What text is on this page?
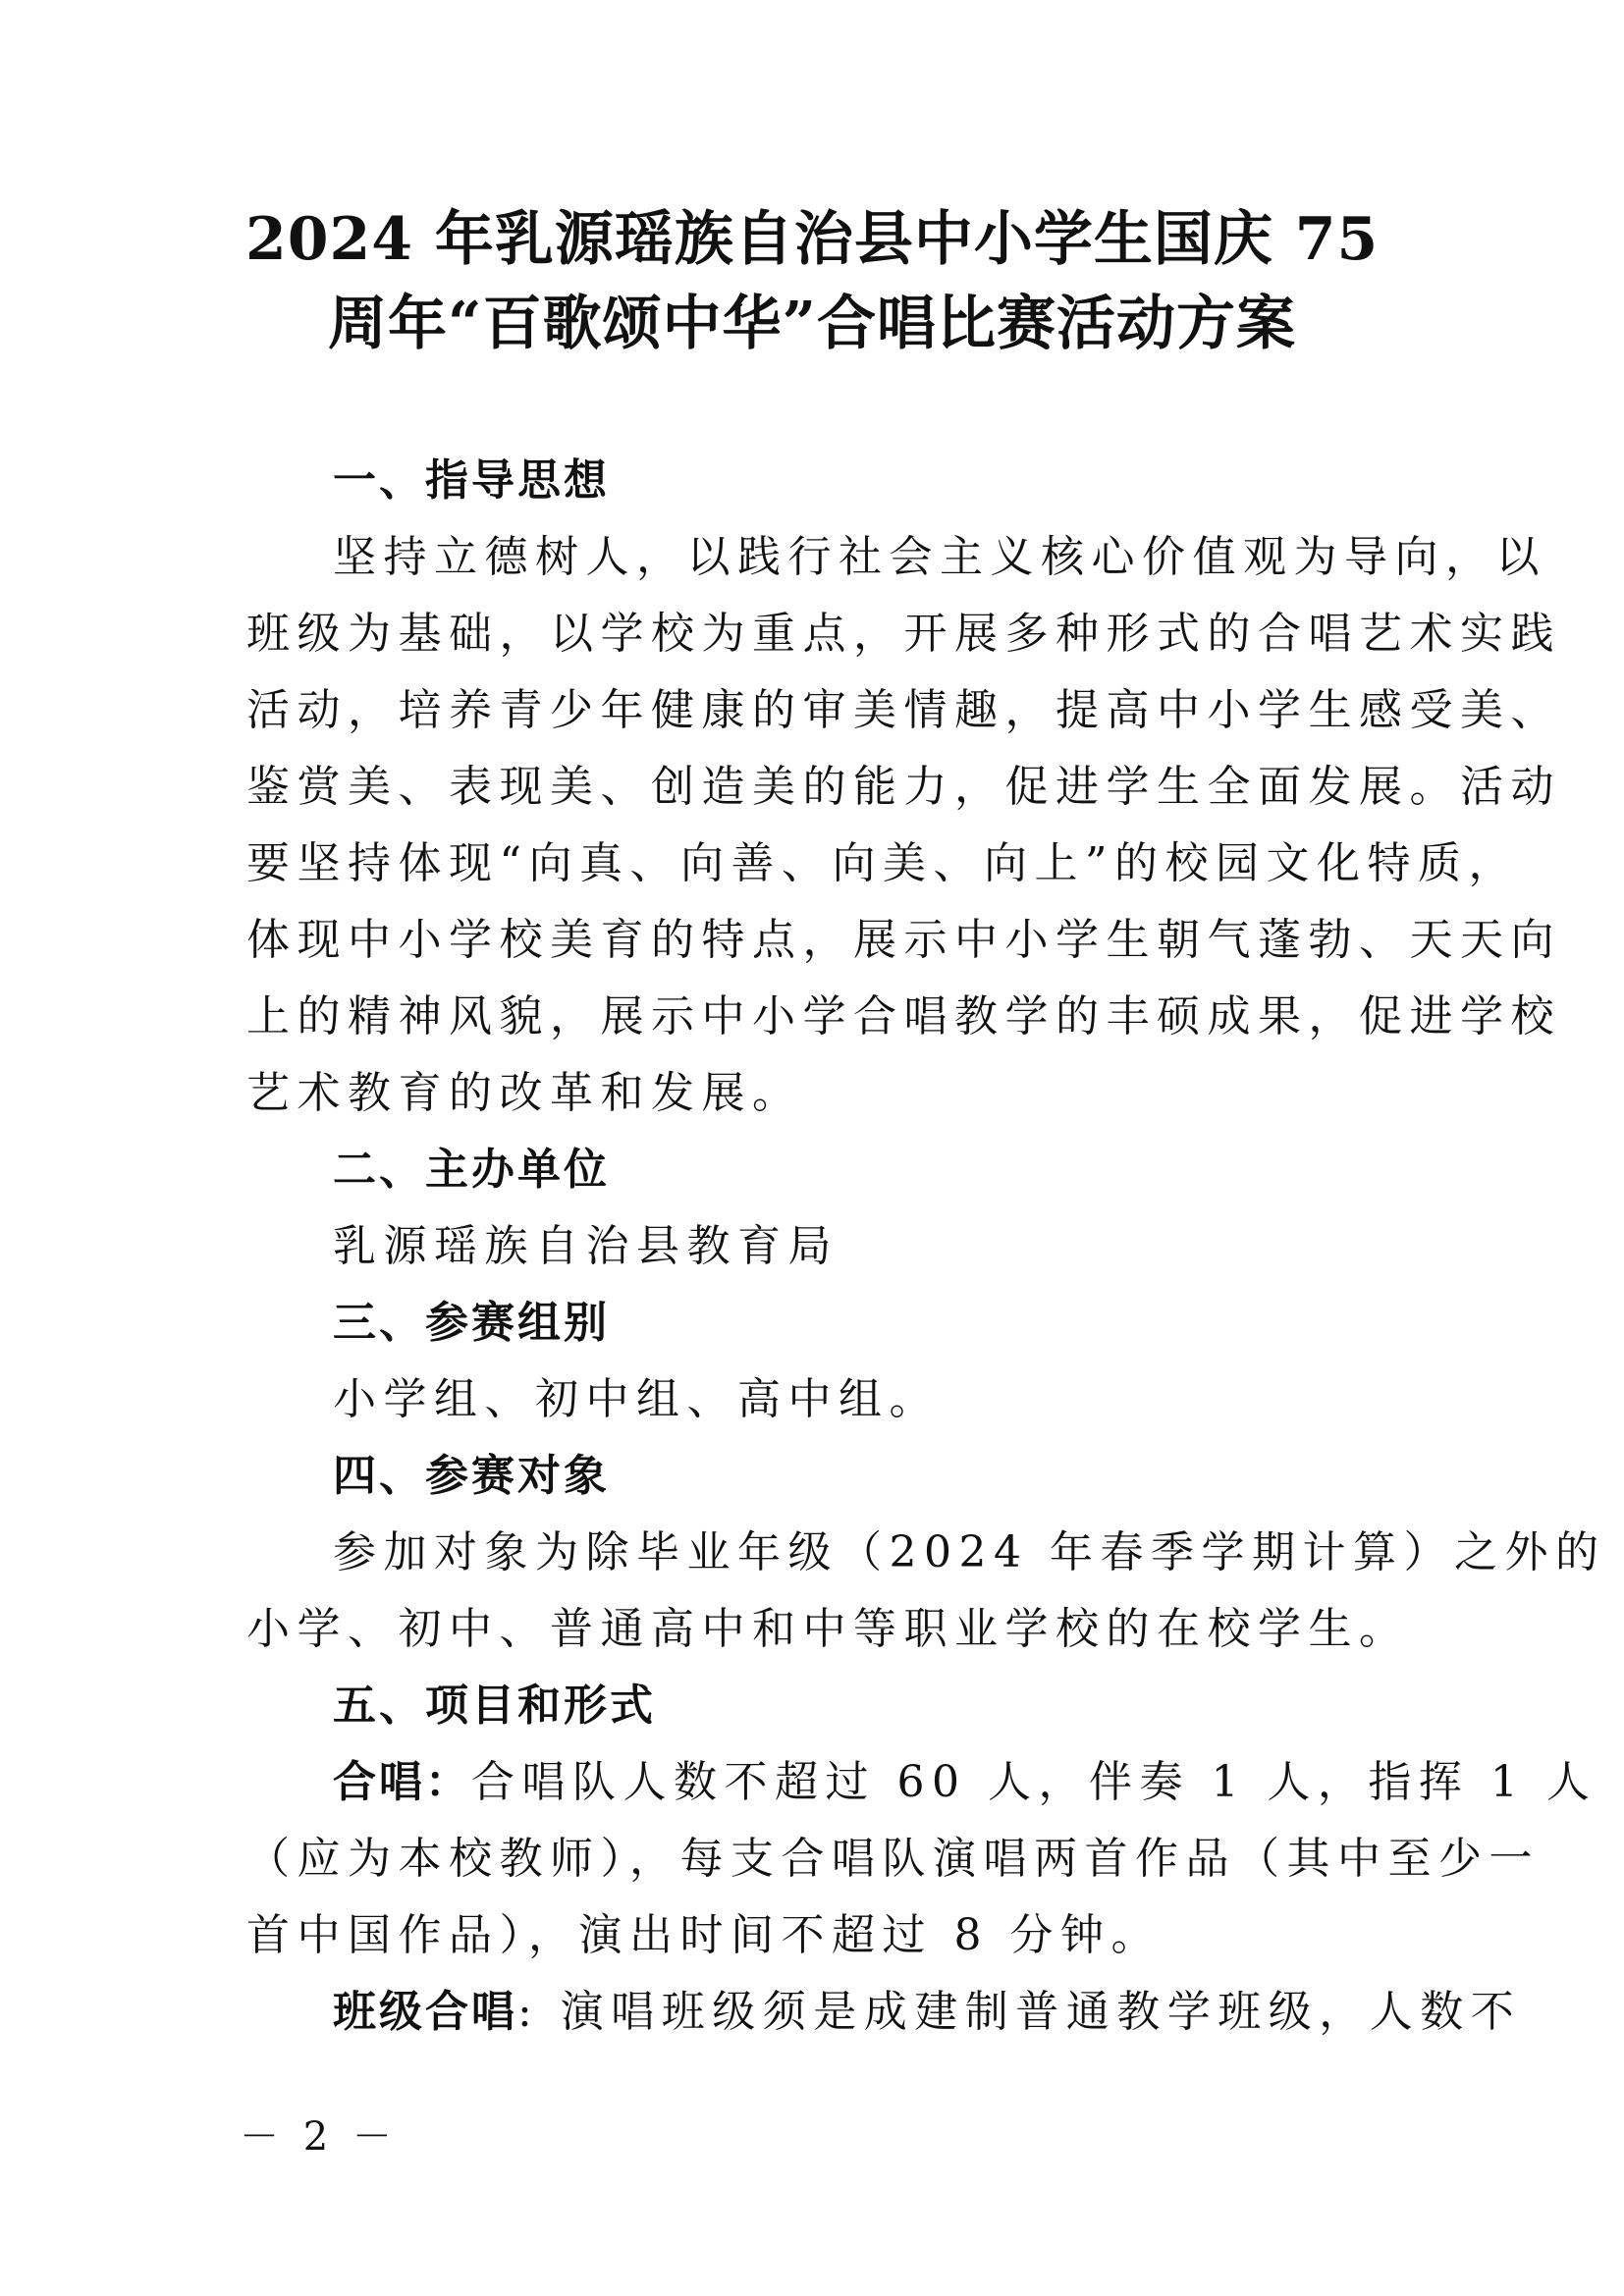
2024 年乳源瑶族自治县中小学生国庆 75
周年“百歌颂中华”合唱比赛活动方案
一、指导思想
坚持立德树人，以践行社会主义核心价值观为导向，以
班级为基础，以学校为重点，开展多种形式的合唱艺术实践
活动，培养青少年健康的审美情趣，提高中小学生感受美、
鉴赏美、表现美、创造美的能力，促进学生全面发展。活动
要坚持体现“向真、向善、向美、向上”的校园文化特质，
体现中小学校美育的特点，展示中小学生朝气蓬勃、天天向
上的精神风貌，展示中小学合唱教学的丰硕成果，促进学校
艺术教育的改革和发展。
二、主办单位
乳源瑶族自治县教育局
三、参赛组别
小学组、初中组、高中组。
四、参赛对象
参加对象为除毕业年级（2024 年春季学期计算）之外的
小学、初中、普通高中和中等职业学校的在校学生。
五、项目和形式
合唱：合唱队人数不超过 60 人，伴奏 1 人，指挥 1 人
（应为本校教师），每支合唱队演唱两首作品（其中至少一
首中国作品），演出时间不超过 8 分钟。
班级合唱: 演唱班级须是成建制普通教学班级，人数不
－ 2 －
